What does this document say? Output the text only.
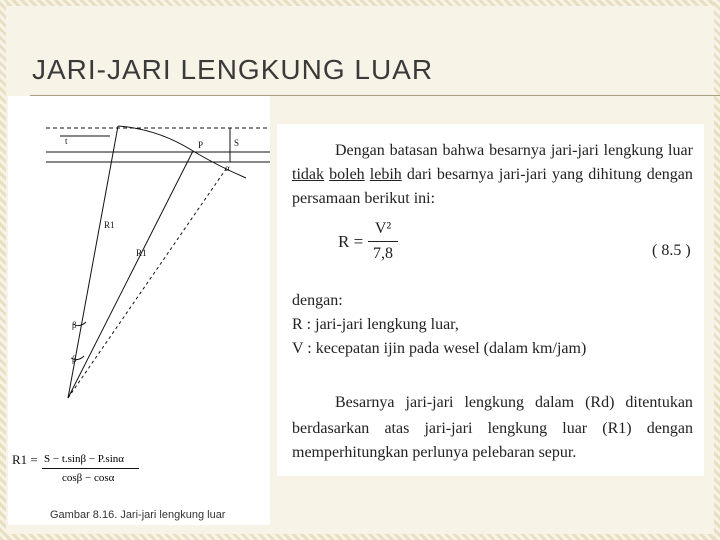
JARI-JARI LENGKUNG LUAR
t	P	S
α
R1
R1
β
β
R1 = S − t.sinβ − P.sinα
cosβ − cosα
Gambar 8.16. Jari-jari lengkung luar
Dengan batasan bahwa besarnya jari-jari lengkung luar
tidak boleh lebih dari besarnya jari-jari yang dihitung dengan
persamaan berikut ini:
R =
V²
7,8	( 8.5 )
dengan:
R : jari-jari lengkung luar,
V : kecepatan ijin pada wesel (dalam km/jam)
Besarnya jari-jari lengkung dalam (Rd) ditentukan
berdasarkan atas jari-jari lengkung luar (R1) dengan
memperhitungkan perlunya pelebaran sepur.
